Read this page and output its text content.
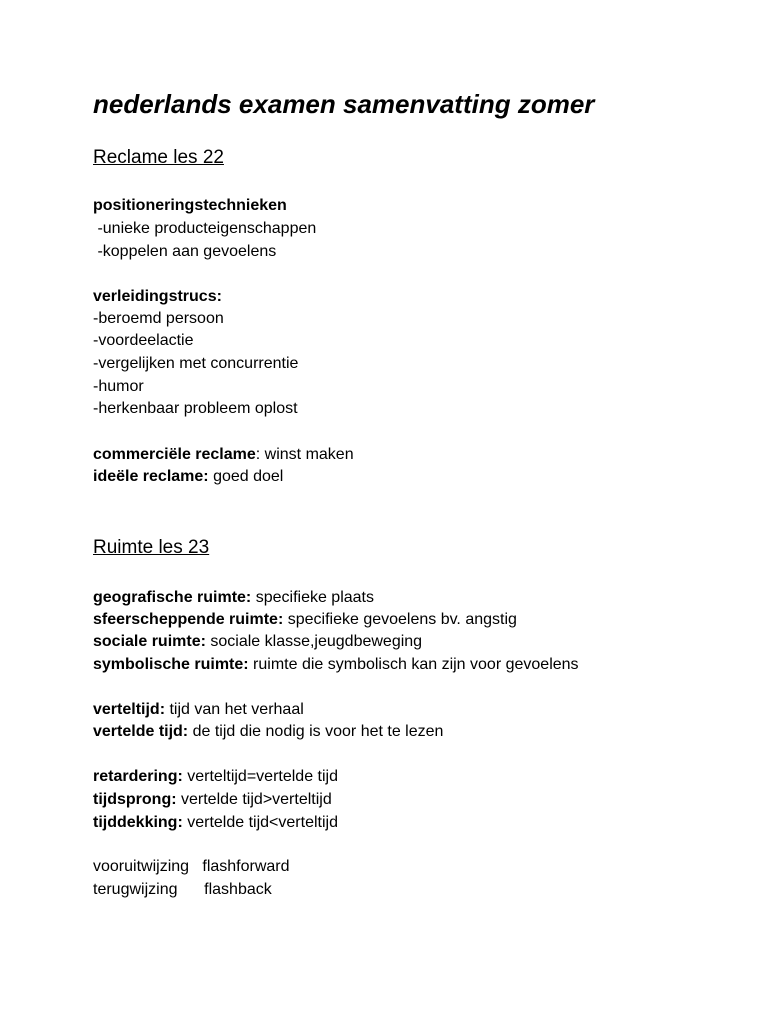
nederlands examen samenvatting zomer
Reclame les 22
positioneringstechnieken
-unieke producteigenschappen
-koppelen aan gevoelens
verleidingstrucs:
-beroemd persoon
-voordeelactie
-vergelijken met concurrentie
-humor
-herkenbaar probleem oplost
commerciële reclame: winst maken
ideële reclame: goed doel
Ruimte les 23
geografische ruimte: specifieke plaats
sfeerscheppende ruimte: specifieke gevoelens bv. angstig
sociale ruimte: sociale klasse,jeugdbeweging
symbolische ruimte: ruimte die symbolisch kan zijn voor gevoelens
verteltijd: tijd van het verhaal
vertelde tijd: de tijd die nodig is voor het te lezen
retardering: verteltijd=vertelde tijd
tijdsprong: vertelde tijd>verteltijd
tijddekking: vertelde tijd<verteltijd
vooruitwijzing   flashforward
terugwijzing      flashback
